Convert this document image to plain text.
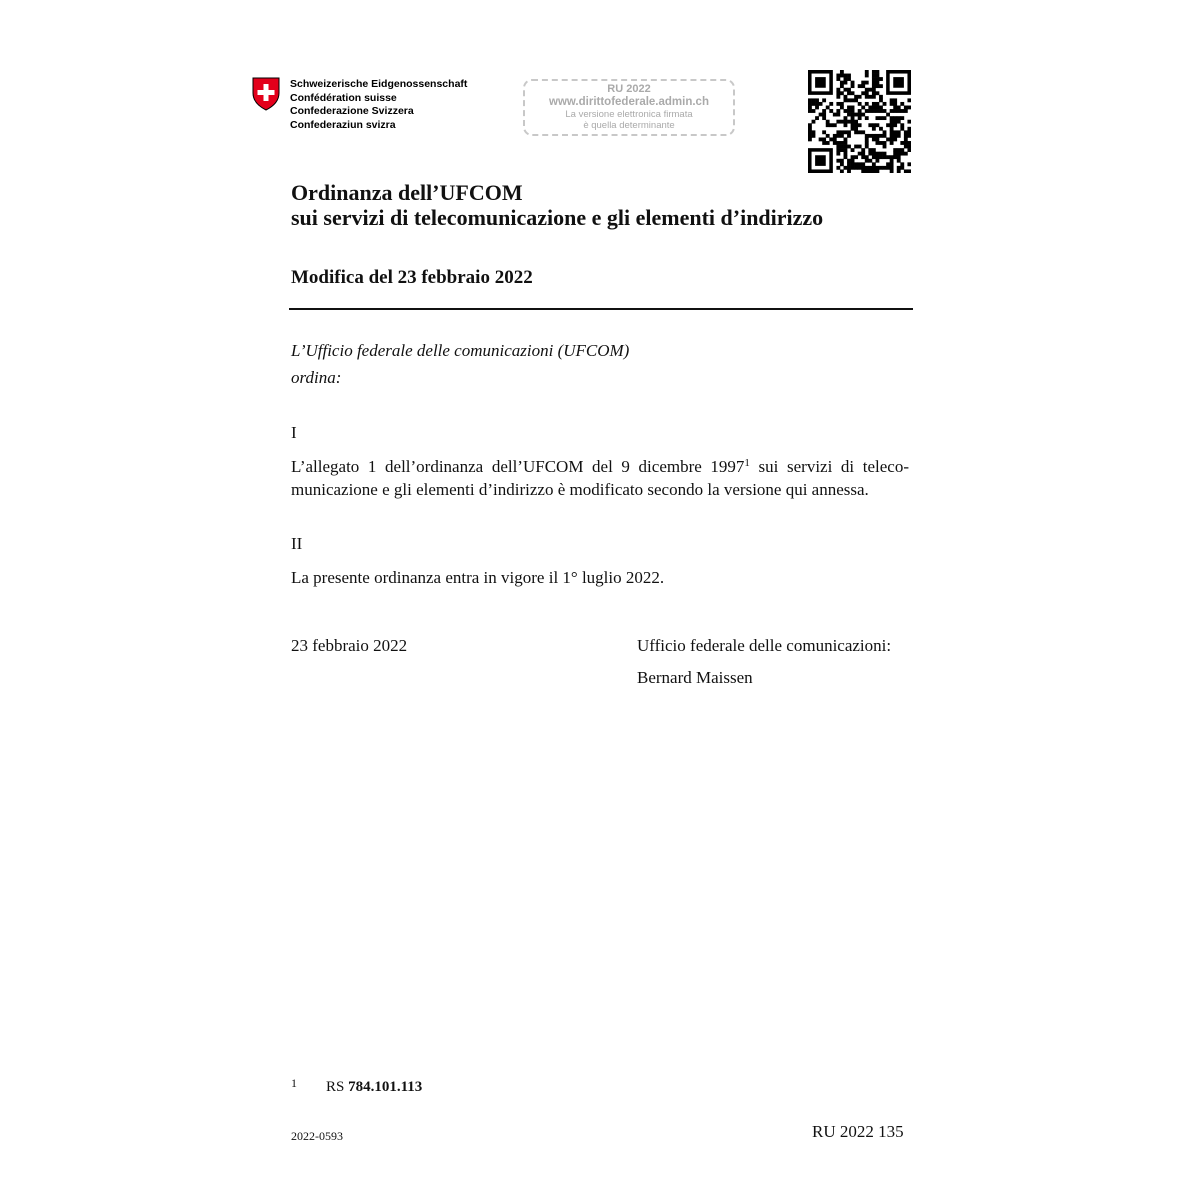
Schweizerische Eidgenossenschaft
Confédération suisse
Confederazione Svizzera
Confederaziun svizra
RU 2022
www.dirittofederale.admin.ch
La versione elettronica firmata
è quella determinante
Ordinanza dell’UFCOM
sui servizi di telecomunicazione e gli elementi d’indirizzo
Modifica del 23 febbraio 2022
L’Ufficio federale delle comunicazioni (UFCOM)
ordina:
I
L’allegato 1 dell’ordinanza dell’UFCOM del 9 dicembre 1997$^1$ sui servizi di teleco-
municazione e gli elementi d’indirizzo è modificato secondo la versione qui annessa.
II
La presente ordinanza entra in vigore il 1° luglio 2022.
23 febbraio 2022	Ufficio federale delle comunicazioni:
Bernard Maissen
1 RS 784.101.113
2022-0593	RU 2022 135
